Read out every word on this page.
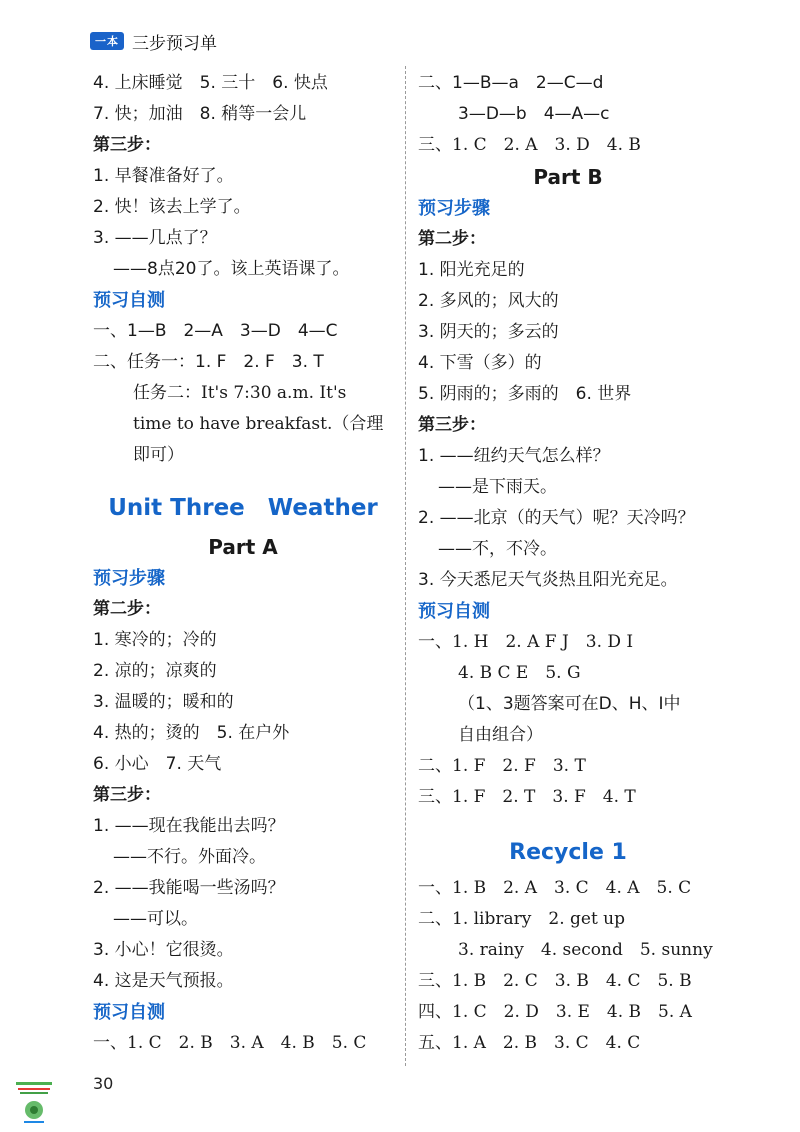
一本 三步预习单
4. 上床睡觉　5. 三十　6. 快点
7. 快；加油　8. 稍等一会儿
第三步：
1. 早餐准备好了。
2. 快！该去上学了。
3. ——几点了？
——8点20了。该上英语课了。
预习自测
一、1—B　2—A　3—D　4—C
二、任务一：1. F　2. F　3. T
任务二：It's 7:30 a.m. It's
time to have breakfast.（合理
即可）
Unit Three　Weather
Part A
预习步骤
第二步：
1. 寒冷的；冷的
2. 凉的；凉爽的
3. 温暖的；暖和的
4. 热的；烫的　5. 在户外
6. 小心　7. 天气
第三步：
1. ——现在我能出去吗？
——不行。外面冷。
2. ——我能喝一些汤吗？
——可以。
3. 小心！它很烫。
4. 这是天气预报。
预习自测
一、1. C　2. B　3. A　4. B　5. C
二、1—B—a　2—C—d
3—D—b　4—A—c
三、1. C　2. A　3. D　4. B
Part B
预习步骤
第二步：
1. 阳光充足的
2. 多风的；风大的
3. 阴天的；多云的
4. 下雪（多）的
5. 阴雨的；多雨的　6. 世界
第三步：
1. ——纽约天气怎么样？
——是下雨天。
2. ——北京（的天气）呢？天冷吗？
——不，不冷。
3. 今天悉尼天气炎热且阳光充足。
预习自测
一、1. H　2. A F J　3. D I
4. B C E　5. G
（1、3题答案可在D、H、I中
自由组合）
二、1. F　2. F　3. T
三、1. F　2. T　3. F　4. T
Recycle 1
一、1. B　2. A　3. C　4. A　5. C
二、1. library　2. get up
3. rainy　4. second　5. sunny
三、1. B　2. C　3. B　4. C　5. B
四、1. C　2. D　3. E　4. B　5. A
五、1. A　2. B　3. C　4. C
30
